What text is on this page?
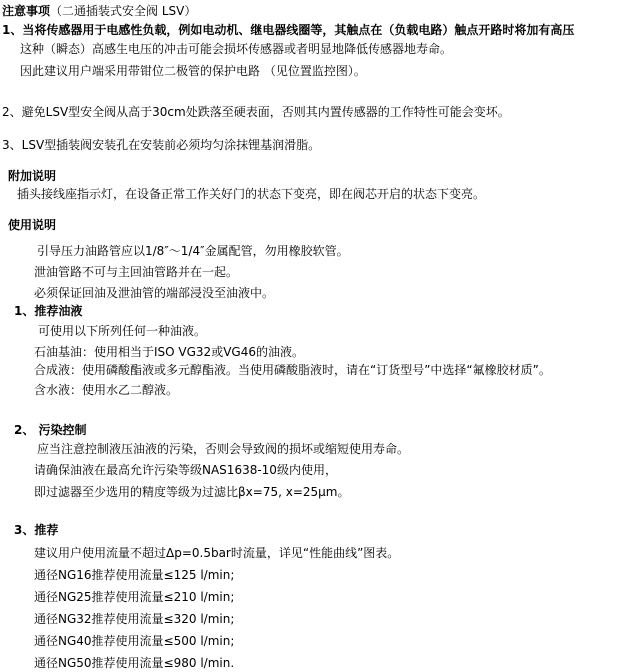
注意事项（二通插装式安全阀 LSV）
1、当将传感器用于电感性负载，例如电动机、继电器线圈等，其触点在（负载电路）触点开路时将加有高压
这种（瞬态）高感生电压的冲击可能会损坏传感器或者明显地降低传感器地寿命。
因此建议用户端采用带钳位二极管的保护电路 （见位置监控图）。
2、避免LSV型安全阀从高于30cm处跌落至硬表面，否则其内置传感器的工作特性可能会变坏。
3、LSV型插装阀安装孔在安装前必须均匀涂抹锂基润滑脂。
附加说明
插头接线座指示灯，在设备正常工作关好门的状态下变亮，即在阀芯开启的状态下变亮。
使用说明
引导压力油路管应以1/8″～1/4″金属配管，勿用橡胶软管。
泄油管路不可与主回油管路并在一起。
必须保证回油及泄油管的端部浸没至油液中。
1、推荐油液
可使用以下所列任何一种油液。
石油基油：使用相当于ISO VG32或VG46的油液。
合成液：使用磷酸酯液或多元醇酯液。当使用磷酸脂液时，请在“订货型号”中选择“氟橡胶材质”。
含水液：使用水乙二醇液。
2、 污染控制
应当注意控制液压油液的污染，否则会导致阀的损坏或缩短使用寿命。
请确保油液在最高允许污染等级NAS1638-10级内使用，
即过滤器至少选用的精度等级为过滤比βx=75, x=25μm。
3、推荐
建议用户使用流量不超过Δp=0.5bar时流量，详见“性能曲线”图表。
通径NG16推荐使用流量≤125 l/min;
通径NG25推荐使用流量≤210 l/min;
通径NG32推荐使用流量≤320 l/min;
通径NG40推荐使用流量≤500 l/min;
通径NG50推荐使用流量≤980 l/min.
